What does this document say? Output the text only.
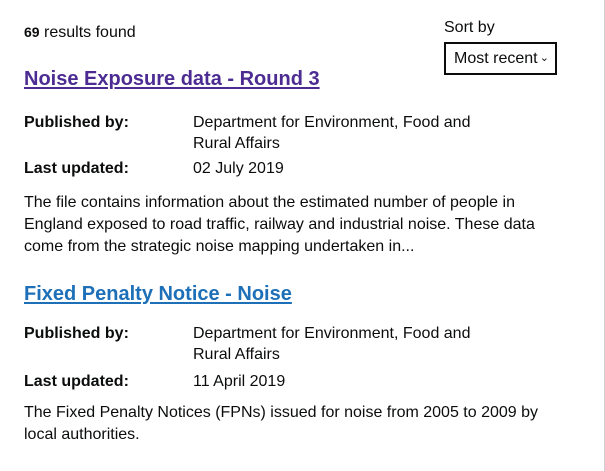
69 results found	Sort by
Most recent ⌄
Noise Exposure data - Round 3
Published by:	Department for Environment, Food and
Rural Affairs
Last updated:	02 July 2019
The file contains information about the estimated number of people in
England exposed to road traffic, railway and industrial noise. These data
come from the strategic noise mapping undertaken in...
Fixed Penalty Notice - Noise
Published by:	Department for Environment, Food and
Rural Affairs
Last updated:	11 April 2019
The Fixed Penalty Notices (FPNs) issued for noise from 2005 to 2009 by
local authorities.
